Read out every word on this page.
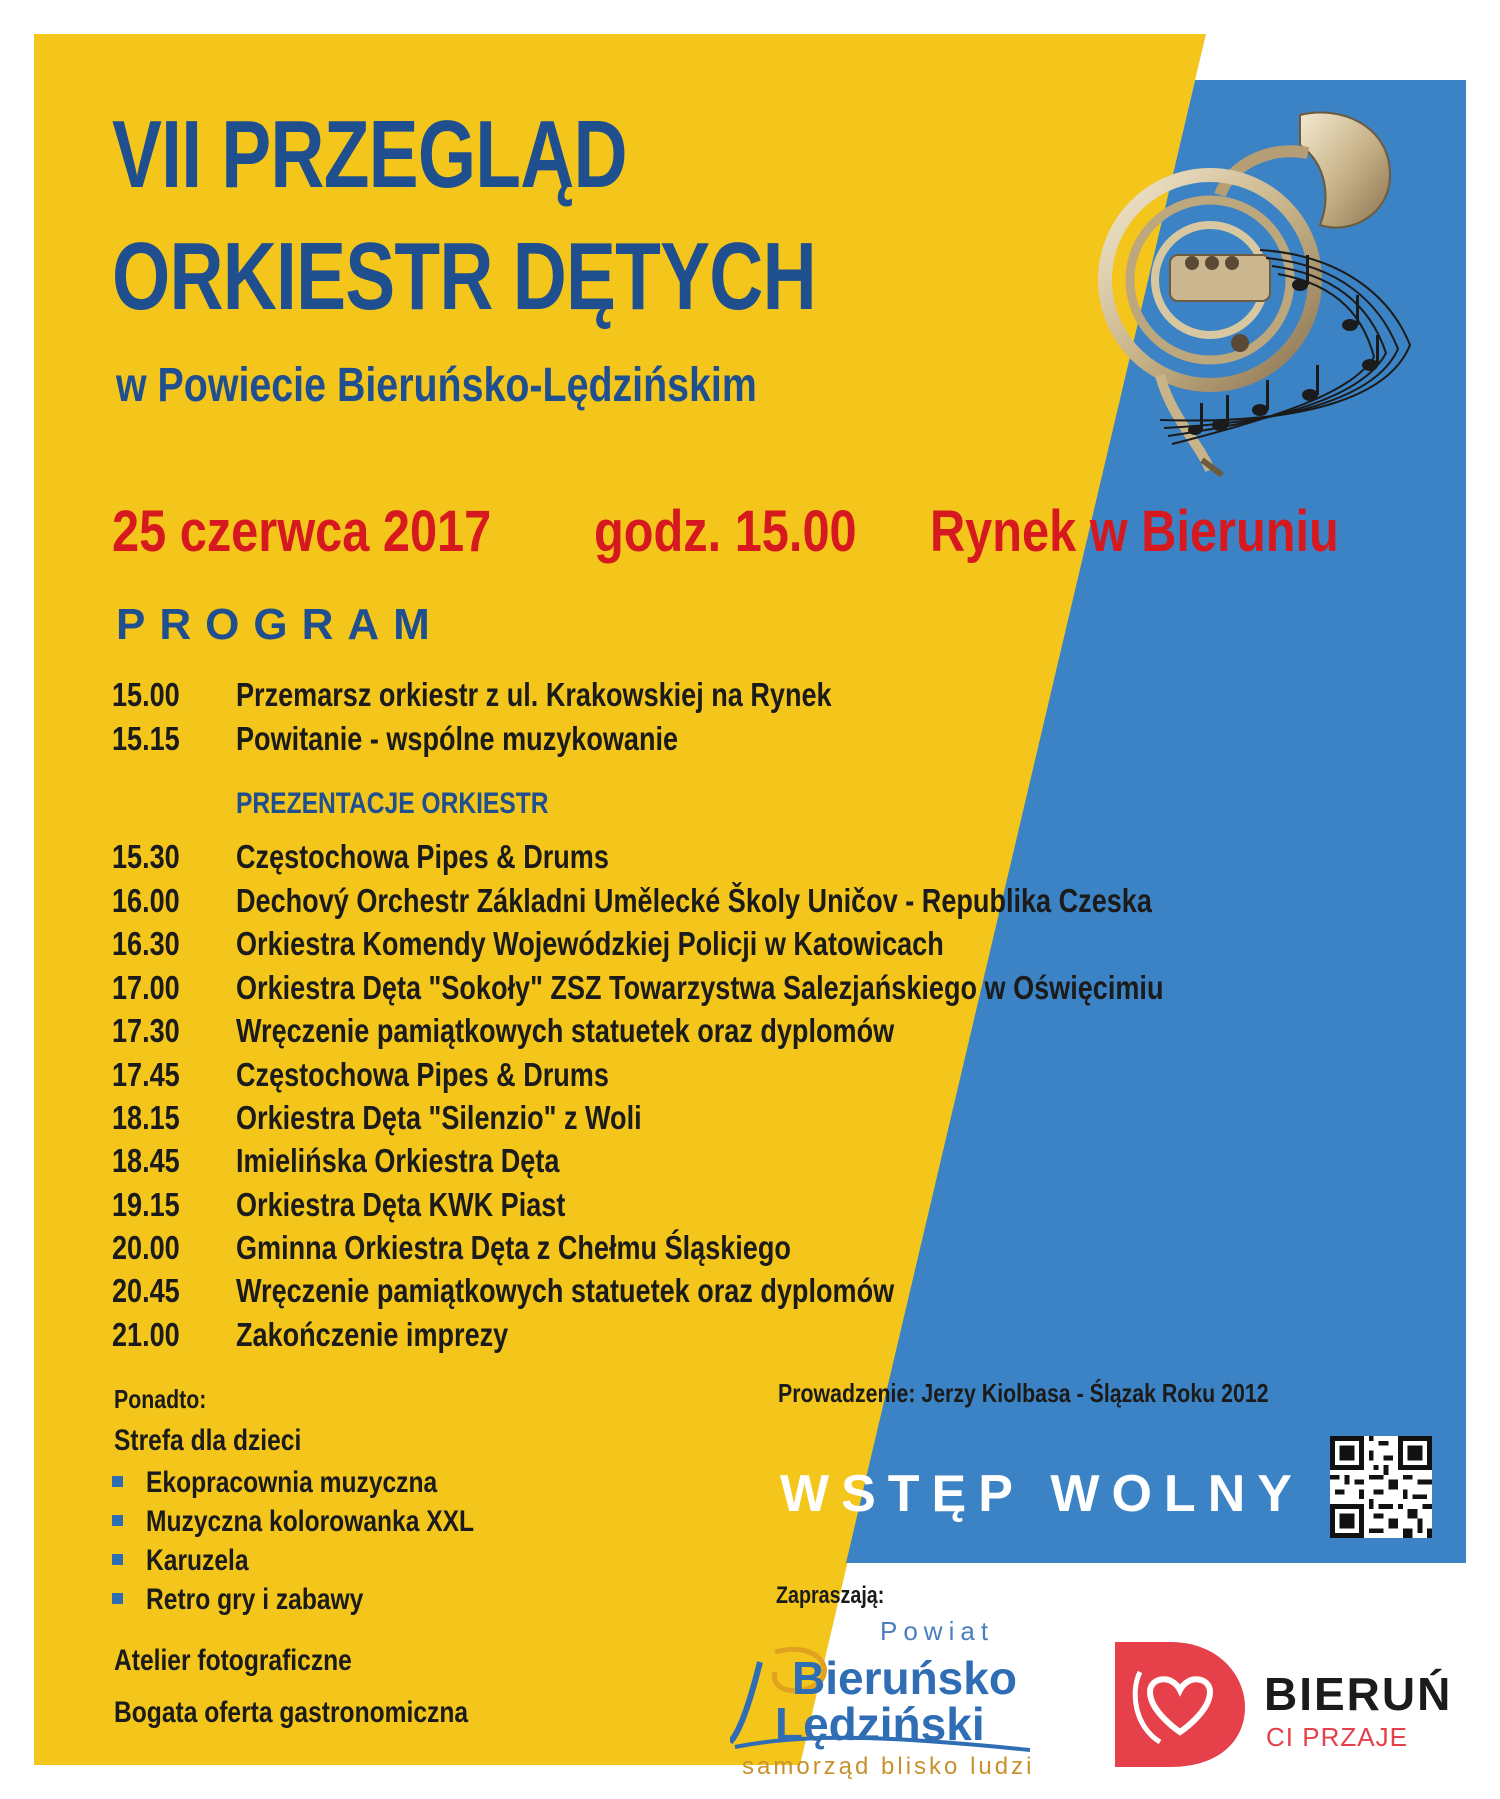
VII PRZEGLĄD
ORKIESTR DĘTYCH
w Powiecie Bieruńsko-Lędzińskim
25 czerwca 2017 godz. 15.00 Rynek w Bieruniu
PROGRAM
15.00 Przemarsz orkiestr z ul. Krakowskiej na Rynek
15.15 Powitanie - wspólne muzykowanie
PREZENTACJE ORKIESTR
15.30 Częstochowa Pipes & Drums
16.00 Dechový Orchestr Základni Umělecké Školy Uničov - Republika Czeska
16.30 Orkiestra Komendy Wojewódzkiej Policji w Katowicach
17.00 Orkiestra Dęta "Sokoły" ZSZ Towarzystwa Salezjańskiego w Oświęcimiu
17.30 Wręczenie pamiątkowych statuetek oraz dyplomów
17.45 Częstochowa Pipes & Drums
18.15 Orkiestra Dęta "Silenzio" z Woli
18.45 Imielińska Orkiestra Dęta
19.15 Orkiestra Dęta KWK Piast
20.00 Gminna Orkiestra Dęta z Chełmu Śląskiego
20.45 Wręczenie pamiątkowych statuetek oraz dyplomów
21.00 Zakończenie imprezy
Ponadto:
Strefa dla dzieci
Ekopracownia muzyczna
Muzyczna kolorowanka XXL
Karuzela
Retro gry i zabawy
Atelier fotograficzne
Bogata oferta gastronomiczna
Prowadzenie: Jerzy Kiolbasa - Ślązak Roku 2012
WSTĘP WOLNY
Zapraszają:
Powiat
Bieruńsko
Lędziński
samorząd blisko ludzi
BIERUŃ
CI PRZAJE
